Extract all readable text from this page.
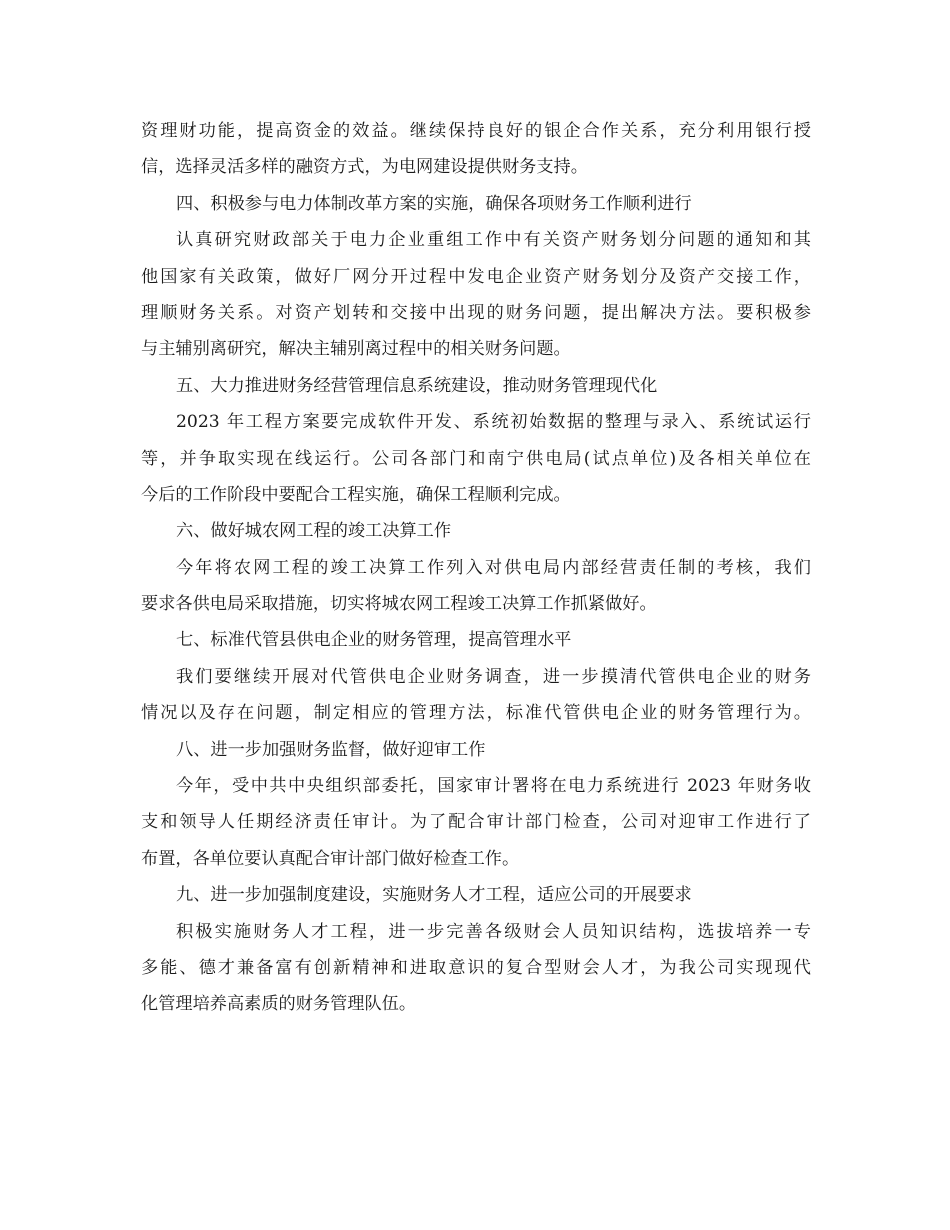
资理财功能，提高资金的效益。继续保持良好的银企合作关系，充分利用银行授
信，选择灵活多样的融资方式，为电网建设提供财务支持。
四、积极参与电力体制改革方案的实施，确保各项财务工作顺利进行
认真研究财政部关于电力企业重组工作中有关资产财务划分问题的通知和其
他国家有关政策，做好厂网分开过程中发电企业资产财务划分及资产交接工作，
理顺财务关系。对资产划转和交接中出现的财务问题，提出解决方法。要积极参
与主辅别离研究，解决主辅别离过程中的相关财务问题。
五、大力推进财务经营管理信息系统建设，推动财务管理现代化
2023 年工程方案要完成软件开发、系统初始数据的整理与录入、系统试运行
等，并争取实现在线运行。公司各部门和南宁供电局(试点单位)及各相关单位在
今后的工作阶段中要配合工程实施，确保工程顺利完成。
六、做好城农网工程的竣工决算工作
今年将农网工程的竣工决算工作列入对供电局内部经营责任制的考核，我们
要求各供电局采取措施，切实将城农网工程竣工决算工作抓紧做好。
七、标准代管县供电企业的财务管理，提高管理水平
我们要继续开展对代管供电企业财务调查，进一步摸清代管供电企业的财务
情况以及存在问题，制定相应的管理方法，标准代管供电企业的财务管理行为。
八、进一步加强财务监督，做好迎审工作
今年，受中共中央组织部委托，国家审计署将在电力系统进行 2023 年财务收
支和领导人任期经济责任审计。为了配合审计部门检查，公司对迎审工作进行了
布置，各单位要认真配合审计部门做好检查工作。
九、进一步加强制度建设，实施财务人才工程，适应公司的开展要求
积极实施财务人才工程，进一步完善各级财会人员知识结构，选拔培养一专
多能、德才兼备富有创新精神和进取意识的复合型财会人才，为我公司实现现代
化管理培养高素质的财务管理队伍。
